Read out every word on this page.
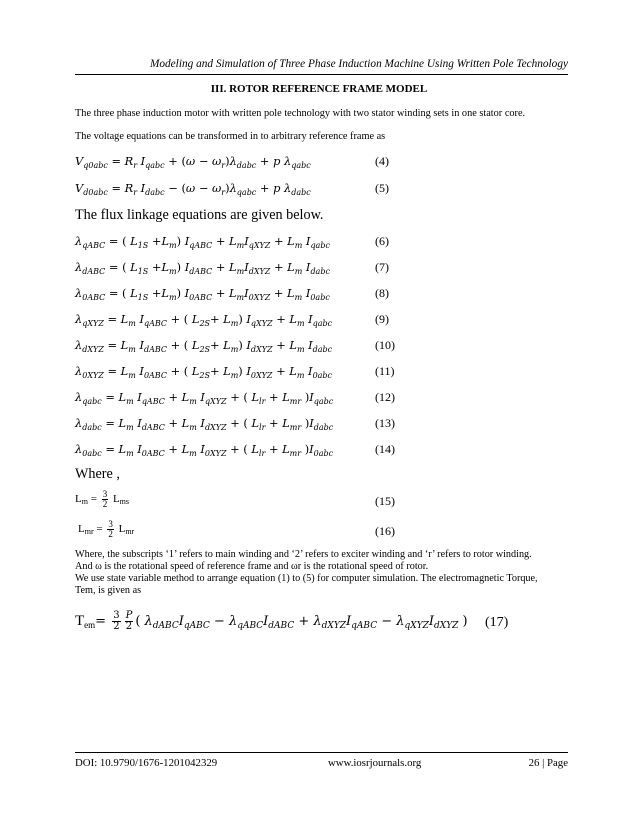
Modeling and Simulation of Three Phase Induction Machine Using Written Pole Technology
III. ROTOR REFERENCE FRAME MODEL
The three phase induction motor with written pole technology with two stator winding sets in one stator core.
The voltage equations can be transformed in to arbitrary reference frame as
$V_{q0abc} = R_r$ $I_{qabc} + (\omega - \omega_r)\lambda_{dabc} + p$ $\lambda_{qabc}$	(4)
$V_{d0abc} = R_r$ $I_{dabc} - (\omega - \omega_r)\lambda_{qabc} + p$ $\lambda_{dabc}$	(5)
The flux linkage equations are given below.
$\lambda_{qABC}$ = ( $L_{1S} +L_m$) $I_{qABC} + L_mI_{qXYZ} + L_m$ $I_{qabc}$	(6)
$\lambda_{dABC}$ = ( $L_{1S} +L_m$) $I_{dABC} + L_mI_{dXYZ} + L_m$ $I_{dabc}$	(7)
$\lambda_{0ABC}$ = ( $L_{1S} +L_m$) $I_{0ABC} + L_mI_{0XYZ} + L_m$ $I_{0abc}$	(8)
$\lambda_{qXYZ} = L_m$ $I_{qABC}$ + ( $L_{2S}+ L_m$) $I_{qXYZ} + L_m$ $I_{qabc}$	(9)
$\lambda_{dXYZ} = L_m$ $I_{dABC}$ + ( $L_{2S}+ L_m$) $I_{dXYZ} + L_m$ $I_{dabc}$	(10)
$\lambda_{0XYZ} = L_m$ $I_{0ABC}$ + ( $L_{2S}+ L_m$) $I_{0XYZ} + L_m$ $I_{0abc}$	(11)
$\lambda_{qabc} = L_m$ $I_{qABC} + L_m$ $I_{qXYZ}$ + ( $L_{lr} + L_{mr}$ )$I_{qabc}$	(12)
$\lambda_{dabc} = L_m$ $I_{dABC} + L_m$ $I_{dXYZ}$ + ( $L_{lr} + L_{mr}$ )$I_{dabc}$	(13)
$\lambda_{0abc} = L_m$ $I_{0ABC} + L_m$ $I_{0XYZ}$ + ( $L_{lr} + L_{mr}$ )$I_{0abc}$	(14)
Where ,
$L_m = \frac{3}{2} L_{ms}$	(15)
$L_{mr} = \frac{3}{2} L_{mr}$	(16)
Where, the subscripts ‘1’ refers to main winding and ‘2’ refers to exciter winding and ‘r’ refers to rotor winding.
And ω is the rotational speed of reference frame and ωr is the rotational speed of rotor.
We use state variable method to arrange equation (1) to (5) for computer simulation. The electromagnetic Torque,
Tem, is given as
$T_{em}= \frac{3}{2} \frac{P}{2}$ ( $\lambda_{dABC}I_{qABC} - \lambda_{qABC}I_{dABC} + \lambda_{dXYZ}I_{qABC} - \lambda_{qXYZ}I_{dXYZ}$ ) (17)
DOI: 10.9790/1676-1201042329	www.iosrjournals.org	26 | Page
